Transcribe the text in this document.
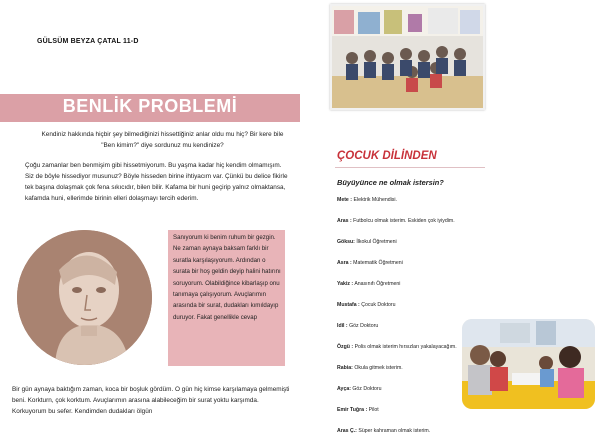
GÜLSÜM BEYZA ÇATAL 11-D
BENLİK PROBLEMİ
Kendiniz hakkında hiçbir şey bilmediğinizi hissettiğiniz anlar oldu mu hiç? Bir kere bile "Ben kimim?" diye sordunuz mu kendinize?
Çoğu zamanlar ben benmişim gibi hissetmiyorum. Bu yaşma kadar hiç kendim olmamışım. Siz de böyle hissediyor musunuz? Böyle hisseden birine ihtiyacım var. Çünkü bu delice fikirle tek başına dolaşmak çok fena sıkıcıdır, bilen bilir. Kafama bir huni geçirip yalnız olmaktansa, kafamda huni, ellerimde birinin elleri dolaşmayı tercih ederim.
Sanıyorum ki benim ruhum bir gezgin. Ne zaman aynaya baksam farklı bir suratla karşılaşıyorum. Ardından o surata bir hoş geldin deyip halini hatırını soruyorum. Olabildiğince kibarlaşıp onu tanımaya çalışıyorum. Avuçlarımın arasında bir surat, dudakları kımıldayıp duruyor. Fakat genellikle cevap
Bir gün aynaya baktığım zaman, koca bir boşluk gördüm. O gün hiç kimse karşılamaya gelmemişti beni. Korkturn, çok korktum. Avuçlarımın arasına alabileceğim bir surat yoktu karşımda. Korkuyorum bu sefer. Kendimden dudakları ölgün
ÇOCUK DİLİNDEN
Büyüyünce ne olmak istersin?
Mete : Elektrik Mühendisi.
Aras : Futbolcu olmak isterim. Eskiden çok iyiydim.
Göksu: İlkokul Öğretmeni
Asra : Matematik Öğretmeni
Yakiz : Anasınıfı Öğretmeni
Mustafa : Çocuk Doktoru
Idil : Göz Doktoru
Özgü : Polis olmak isterim hırsızları yakalayacağım.
Rabia: Okula gitmek isterim.
Ayça: Göz Doktoru
Emir Tuğra : Pilot
Aras Ç.: Süper kahraman olmak isterim.
